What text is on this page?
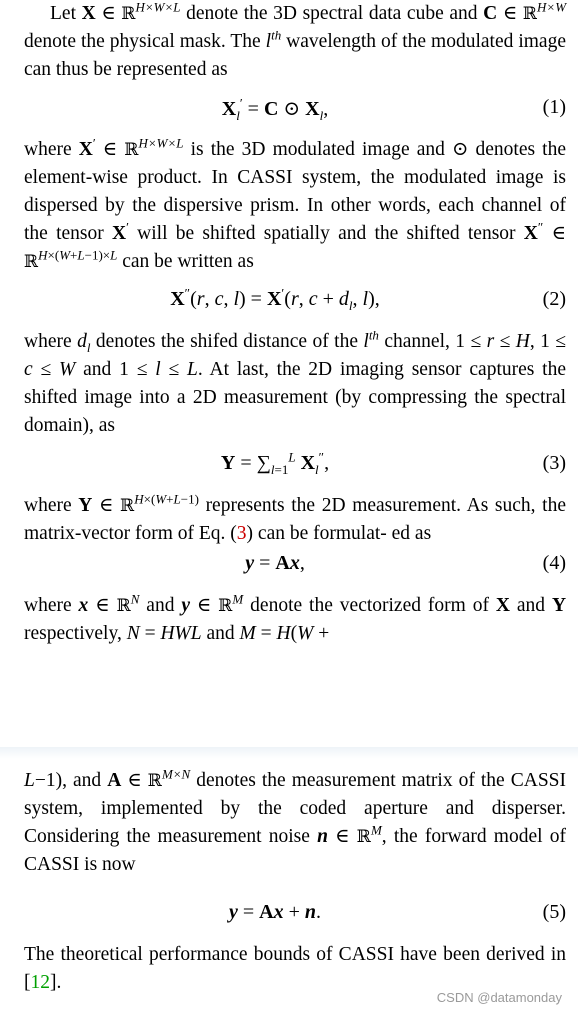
Let X ∈ ℝ$^{H\times W\times L}$ denote the 3D spectral data cube and C ∈ ℝ$^{H\times W}$ denote the physical mask. The $l^{th}$ wavelength of the modulated image can thus be represented as

$X_l' = C$ ⊙ $X_l$,	(1)

where X′ ∈ ℝ$^{H\times W\times L}$ is the 3D modulated image and ⊙ denotes the element-wise product. In CASSI system, the modulated image is dispersed by the dispersive prism. In other words, each channel of the tensor X′ will be shifted spatially and the shifted tensor X″ ∈ ℝ$^{H\times(W+L-1)\times L}$ can be written as

X″(r, c, l) = X′(r, $c + d_l$, l),	(2)

where $d_l$ denotes the shifed distance of the $l^{th}$ channel, 1 ≤ r ≤ H, 1 ≤ c ≤ W and 1 ≤ l ≤ L. At last, the 2D imaging sensor captures the shifted image into a 2D measurement (by compressing the spectral domain), as

$Y = \sum_{l=1}^L$ $X_l''$,	(3)

where Y ∈ ℝ$^{H\times(W+L-1)}$ represents the 2D measurement. As such, the matrix-vector form of Eq. (3) can be formulat- ed as

y = Ax,	(4)

where x ∈ ℝ$^N$ and y ∈ ℝ$^M$ denote the vectorized form of X and Y respectively, N = HWL and M = H(W +

L−1), and A ∈ ℝ$^{M\times N}$ denotes the measurement matrix of the CASSI system, implemented by the coded aperture and disperser. Considering the measurement noise n ∈ ℝ$^M$, the forward model of CASSI is now

y = Ax + n.	(5)

The theoretical performance bounds of CASSI have been derived in [12].

CSDN @datamonday
